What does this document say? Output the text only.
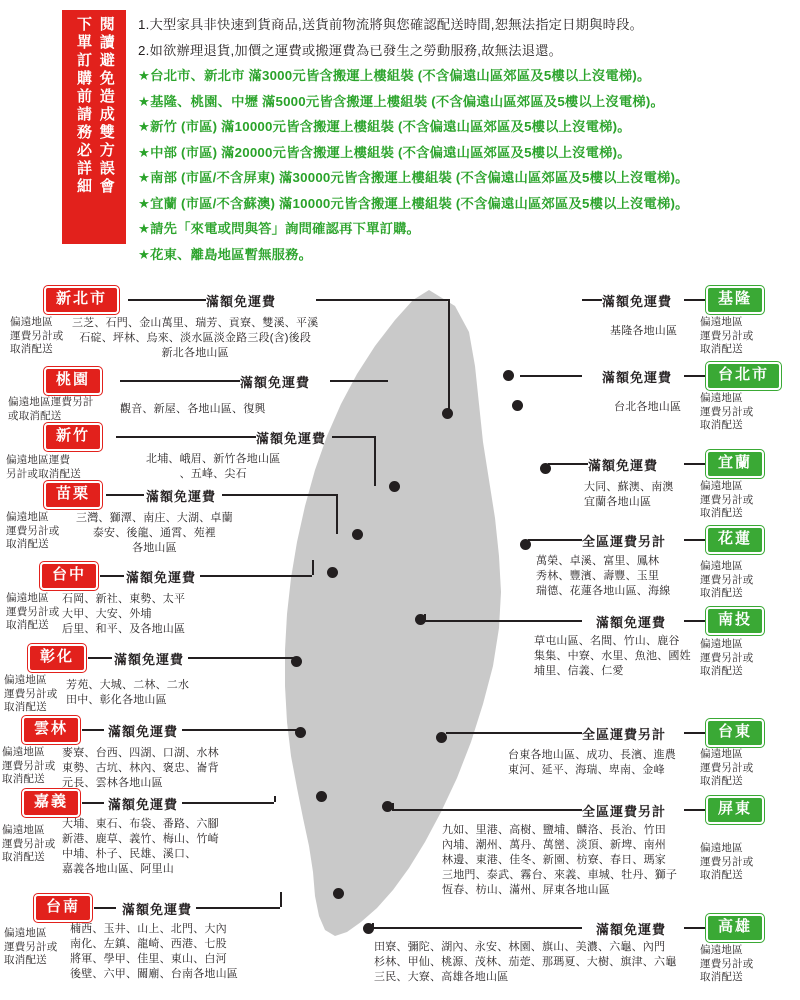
閱讀避免造成雙方誤會
下單訂購前請務必詳細	1.大型家具非快速到貨商品,送貨前物流將與您確認配送時間,恕無法指定日期與時段。
2.如欲辦理退貨,加價之運費或搬運費為已發生之勞動服務,故無法退還。
★台北市、新北市 滿3000元皆含搬運上樓組裝 (不含偏遠山區郊區及5樓以上沒電梯)。
★基隆、桃園、中壢 滿5000元皆含搬運上樓組裝 (不含偏遠山區郊區及5樓以上沒電梯)。
★新竹 (市區) 滿10000元皆含搬運上樓組裝 (不含偏遠山區郊區及5樓以上沒電梯)。
★中部 (市區) 滿20000元皆含搬運上樓組裝 (不含偏遠山區郊區及5樓以上沒電梯)。
★南部 (市區/不含屏東) 滿30000元皆含搬運上樓組裝 (不含偏遠山區郊區及5樓以上沒電梯)。
★宜蘭 (市區/不含蘇澳) 滿10000元皆含搬運上樓組裝 (不含偏遠山區郊區及5樓以上沒電梯)。
★請先「來電或問與答」詢問確認再下單訂購。
★花東、離島地區暫無服務。
新北市	滿額免運費
偏遠地區
運費另計或
取消配送
三芝、石門、金山萬里、瑞芳、貢寮、雙溪、平溪
石碇、坪林、烏來、淡水區淡金路三段(含)後段
新北各地山區
桃園	滿額免運費
偏遠地區運費另計
或取消配送
觀音、新屋、各地山區、復興
新竹	滿額免運費
偏遠地區運費
另計或取消配送
北埔、峨眉、新竹各地山區
、五峰、尖石
苗栗	滿額免運費
偏遠地區
運費另計或
取消配送
三灣、獅潭、南庄、大湖、卓蘭
泰安、後龍、通霄、苑裡
各地山區
台中	滿額免運費
偏遠地區
運費另計或
取消配送
石岡、新社、東勢、太平
大甲、大安、外埔
后里、和平、及各地山區
彰化	滿額免運費
偏遠地區
運費另計或
取消配送
芳苑、大城、二林、二水
田中、彰化各地山區
雲林	滿額免運費
偏遠地區
運費另計或
取消配送
麥寮、台西、四湖、口湖、水林
東勢、古坑、林內、褒忠、崙背
元長、雲林各地山區
嘉義	滿額免運費
偏遠地區
運費另計或
取消配送
大埔、東石、布袋、番路、六腳
新港、鹿草、義竹、梅山、竹崎
中埔、朴子、民雄、溪口、
嘉義各地山區、阿里山
台南	滿額免運費
偏遠地區
運費另計或
取消配送
楠西、玉井、山上、北門、大內
南化、左鎮、龍崎、西港、七股
將軍、學甲、佳里、東山、白河
後壁、六甲、關廟、台南各地山區
基隆
滿額免運費
偏遠地區
運費另計或
取消配送
基隆各地山區
台北市
滿額免運費
偏遠地區
運費另計或
取消配送
台北各地山區
宜蘭
滿額免運費
偏遠地區
運費另計或
取消配送
大同、蘇澳、南澳
宜蘭各地山區
花蓮
全區運費另計
偏遠地區
運費另計或
取消配送
萬榮、卓溪、富里、鳳林
秀林、豐濱、壽豐、玉里
瑞德、花蓮各地山區、海線
南投
滿額免運費
偏遠地區
運費另計或
取消配送
草屯山區、名間、竹山、鹿谷
集集、中寮、水里、魚池、國姓
埔里、信義、仁愛
台東
全區運費另計
偏遠地區
運費另計或
取消配送
台東各地山區、成功、長濱、進農
東河、延平、海瑞、卑南、金峰
屏東
全區運費另計
偏遠地區
運費另計或
取消配送
九如、里港、高樹、鹽埔、麟洛、長治、竹田
內埔、潮州、萬丹、萬巒、淡頂、新埤、南州
林邊、東港、佳冬、新園、枋寮、春日、瑪家
三地門、泰武、霧台、來義、車城、牡丹、獅子
恆春、枋山、滿州、屏東各地山區
高雄
滿額免運費
偏遠地區
運費另計或
取消配送
田寮、彌陀、湖內、永安、林園、旗山、美濃、六龜、內門
杉林、甲仙、桃源、茂林、茄萣、那瑪夏、大樹、旗津、六龜
三民、大寮、高雄各地山區
